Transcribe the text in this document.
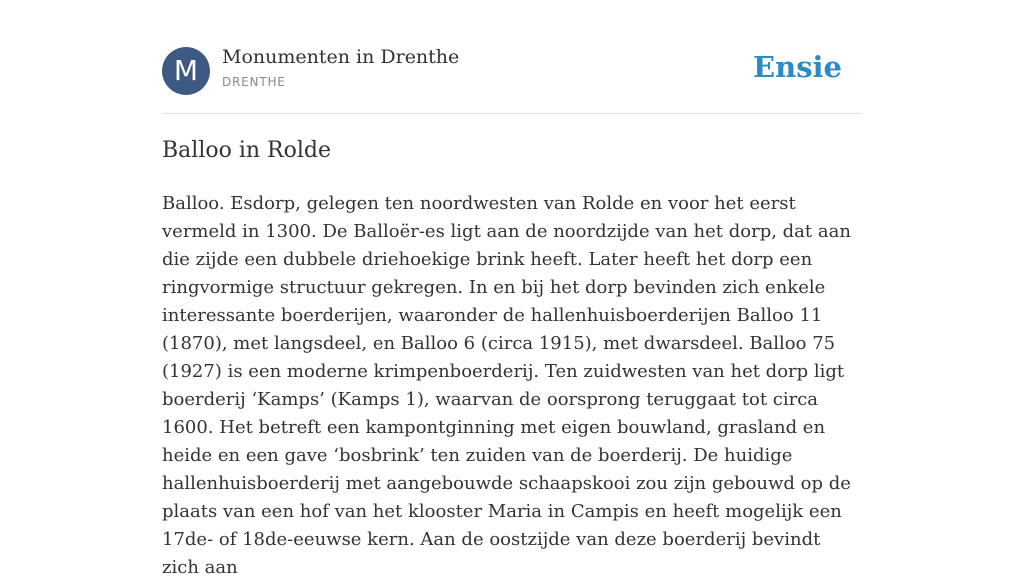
M	Monumenten in Drenthe
DRENTHE	Ensie
Balloo in Rolde

Balloo. Esdorp, gelegen ten noordwesten van Rolde en voor het eerst vermeld in 1300. De Balloër-es ligt aan de noordzijde van het dorp, dat aan die zijde een dubbele driehoekige brink heeft. Later heeft het dorp een ringvormige structuur gekregen. In en bij het dorp bevinden zich enkele interessante boerderijen, waaronder de hallenhuisboerderijen Balloo 11 (1870), met langsdeel, en Balloo 6 (circa 1915), met dwarsdeel. Balloo 75 (1927) is een moderne krimpenboerderij. Ten zuidwesten van het dorp ligt boerderij ‘Kamps’ (Kamps 1), waarvan de oorsprong teruggaat tot circa 1600. Het betreft een kampontginning met eigen bouwland, grasland en heide en een gave ‘bosbrink’ ten zuiden van de boerderij. De huidige hallenhuisboerderij met aangebouwde schaapskooi zou zijn gebouwd op de plaats van een hof van het klooster Maria in Campis en heeft mogelijk een 17de- of 18de-eeuwse kern. Aan de oostzijde van deze boerderij bevindt zich aan
